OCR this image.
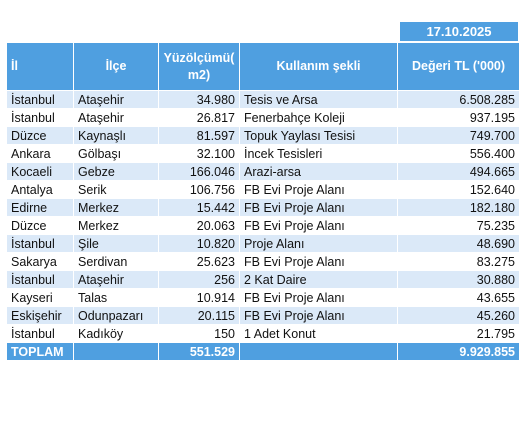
17.10.2025
İl	İlçe	Yüzölçümü( m2)	Kullanım şekli	Değeri TL ('000)
İstanbul	Ataşehir	34.980	Tesis ve Arsa	6.508.285
İstanbul	Ataşehir	26.817	Fenerbahçe Koleji	937.195
Düzce	Kaynaşlı	81.597	Topuk Yaylası Tesisi	749.700
Ankara	Gölbaşı	32.100	İncek Tesisleri	556.400
Kocaeli	Gebze	166.046	Arazi-arsa	494.665
Antalya	Serik	106.756	FB Evi Proje Alanı	152.640
Edirne	Merkez	15.442	FB Evi Proje Alanı	182.180
Düzce	Merkez	20.063	FB Evi Proje Alanı	75.235
İstanbul	Şile	10.820	Proje Alanı	48.690
Sakarya	Serdivan	25.623	FB Evi Proje Alanı	83.275
İstanbul	Ataşehir	256	2 Kat Daire	30.880
Kayseri	Talas	10.914	FB Evi Proje Alanı	43.655
Eskişehir	Odunpazarı	20.115	FB Evi Proje Alanı	45.260
İstanbul	Kadıköy	150	1 Adet Konut	21.795
TOPLAM		551.529		9.929.855
